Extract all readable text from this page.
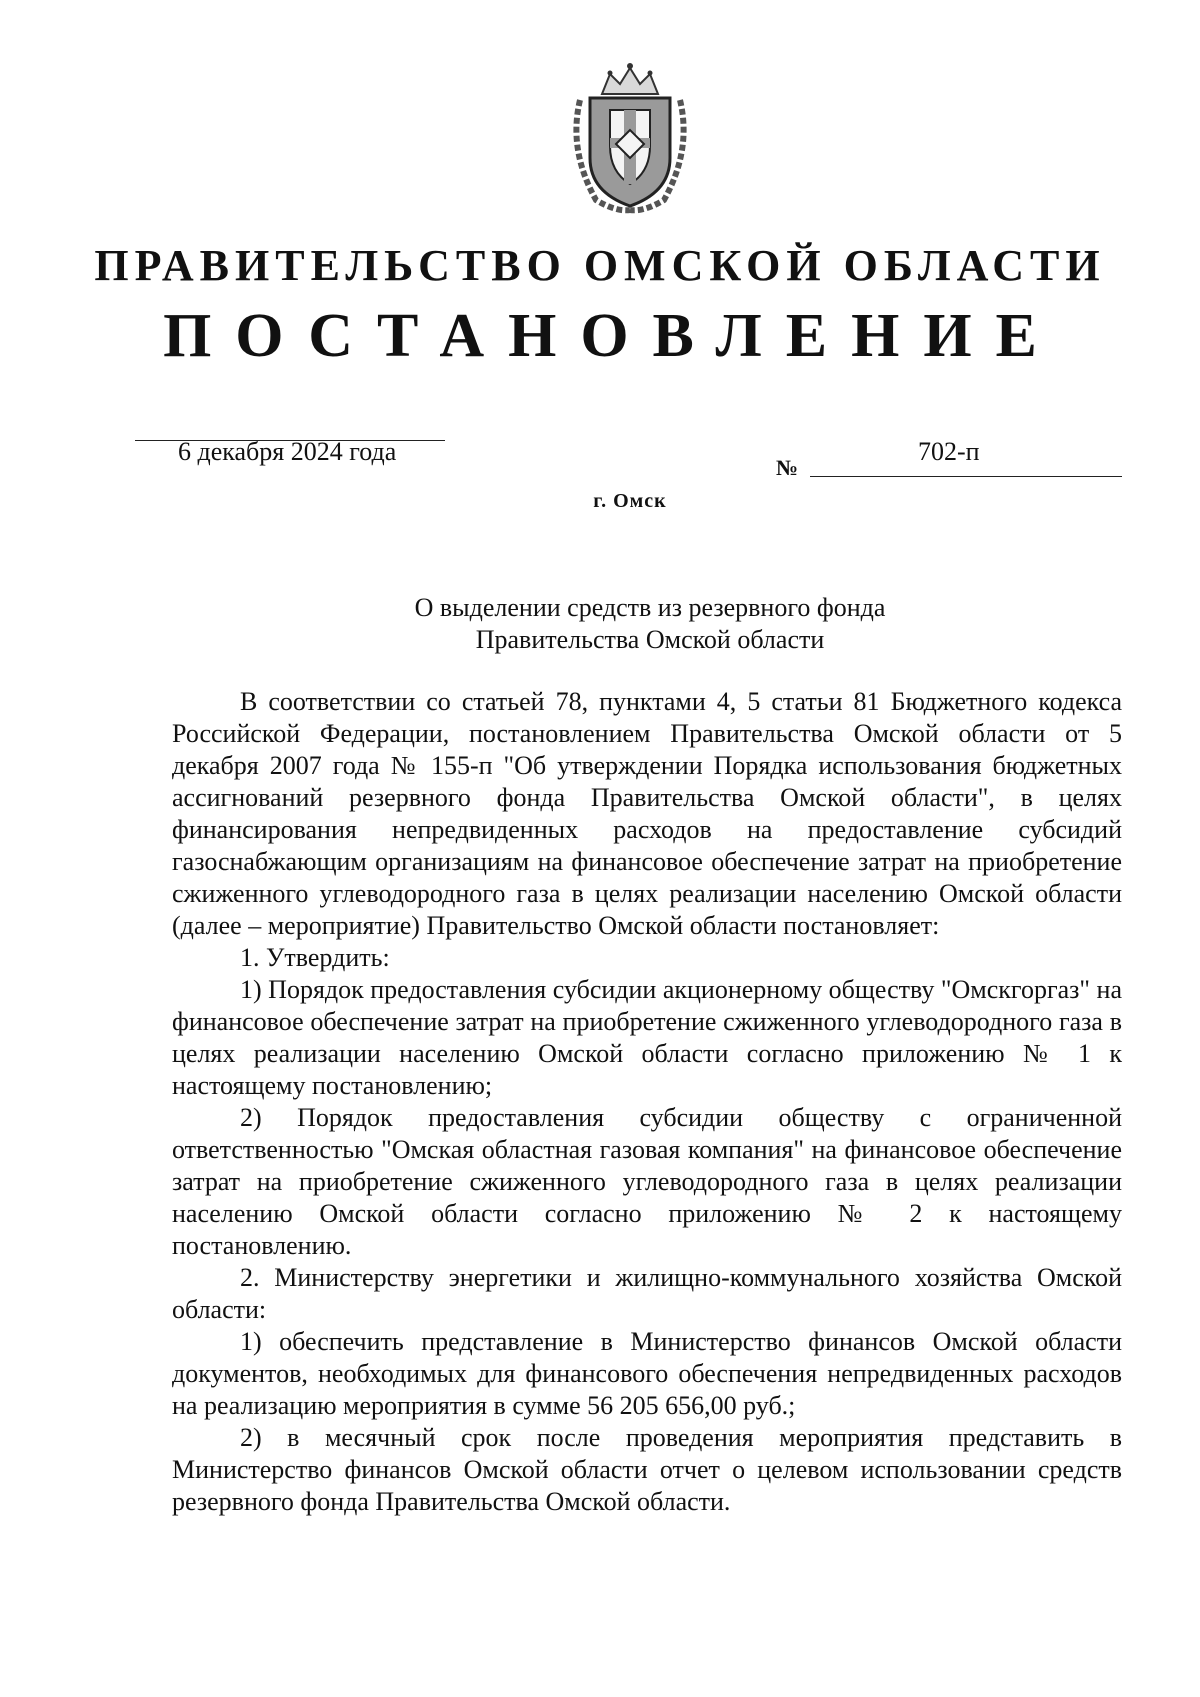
ПРАВИТЕЛЬСТВО ОМСКОЙ ОБЛАСТИ
ПОСТАНОВЛЕНИЕ
6 декабря 2024 года
№
702-п
г. Омск
О выделении средств из резервного фонда
Правительства Омской области

В соответствии со статьей 78, пунктами 4, 5 статьи 81 Бюджетного кодекса Российской Федерации, постановлением Правительства Омской области от 5 декабря 2007 года № 155-п "Об утверждении Порядка использования бюджетных ассигнований резервного фонда Правительства Омской области", в целях финансирования непредвиденных расходов на предоставление субсидий газоснабжающим организациям на финансовое обеспечение затрат на приобретение сжиженного углеводородного газа в целях реализации населению Омской области (далее – мероприятие) Правительство Омской области постановляет:

1. Утвердить:

1) Порядок предоставления субсидии акционерному обществу "Омскгоргаз" на финансовое обеспечение затрат на приобретение сжиженного углеводородного газа в целях реализации населению Омской области согласно приложению № 1 к настоящему постановлению;

2) Порядок предоставления субсидии обществу с ограниченной ответственностью "Омская областная газовая компания" на финансовое обеспечение затрат на приобретение сжиженного углеводородного газа в целях реализации населению Омской области согласно приложению № 2 к настоящему постановлению.

2. Министерству энергетики и жилищно-коммунального хозяйства Омской области:

1) обеспечить представление в Министерство финансов Омской области документов, необходимых для финансового обеспечения непредвиденных расходов на реализацию мероприятия в сумме 56 205 656,00 руб.;

2) в месячный срок после проведения мероприятия представить в Министерство финансов Омской области отчет о целевом использовании средств резервного фонда Правительства Омской области.
